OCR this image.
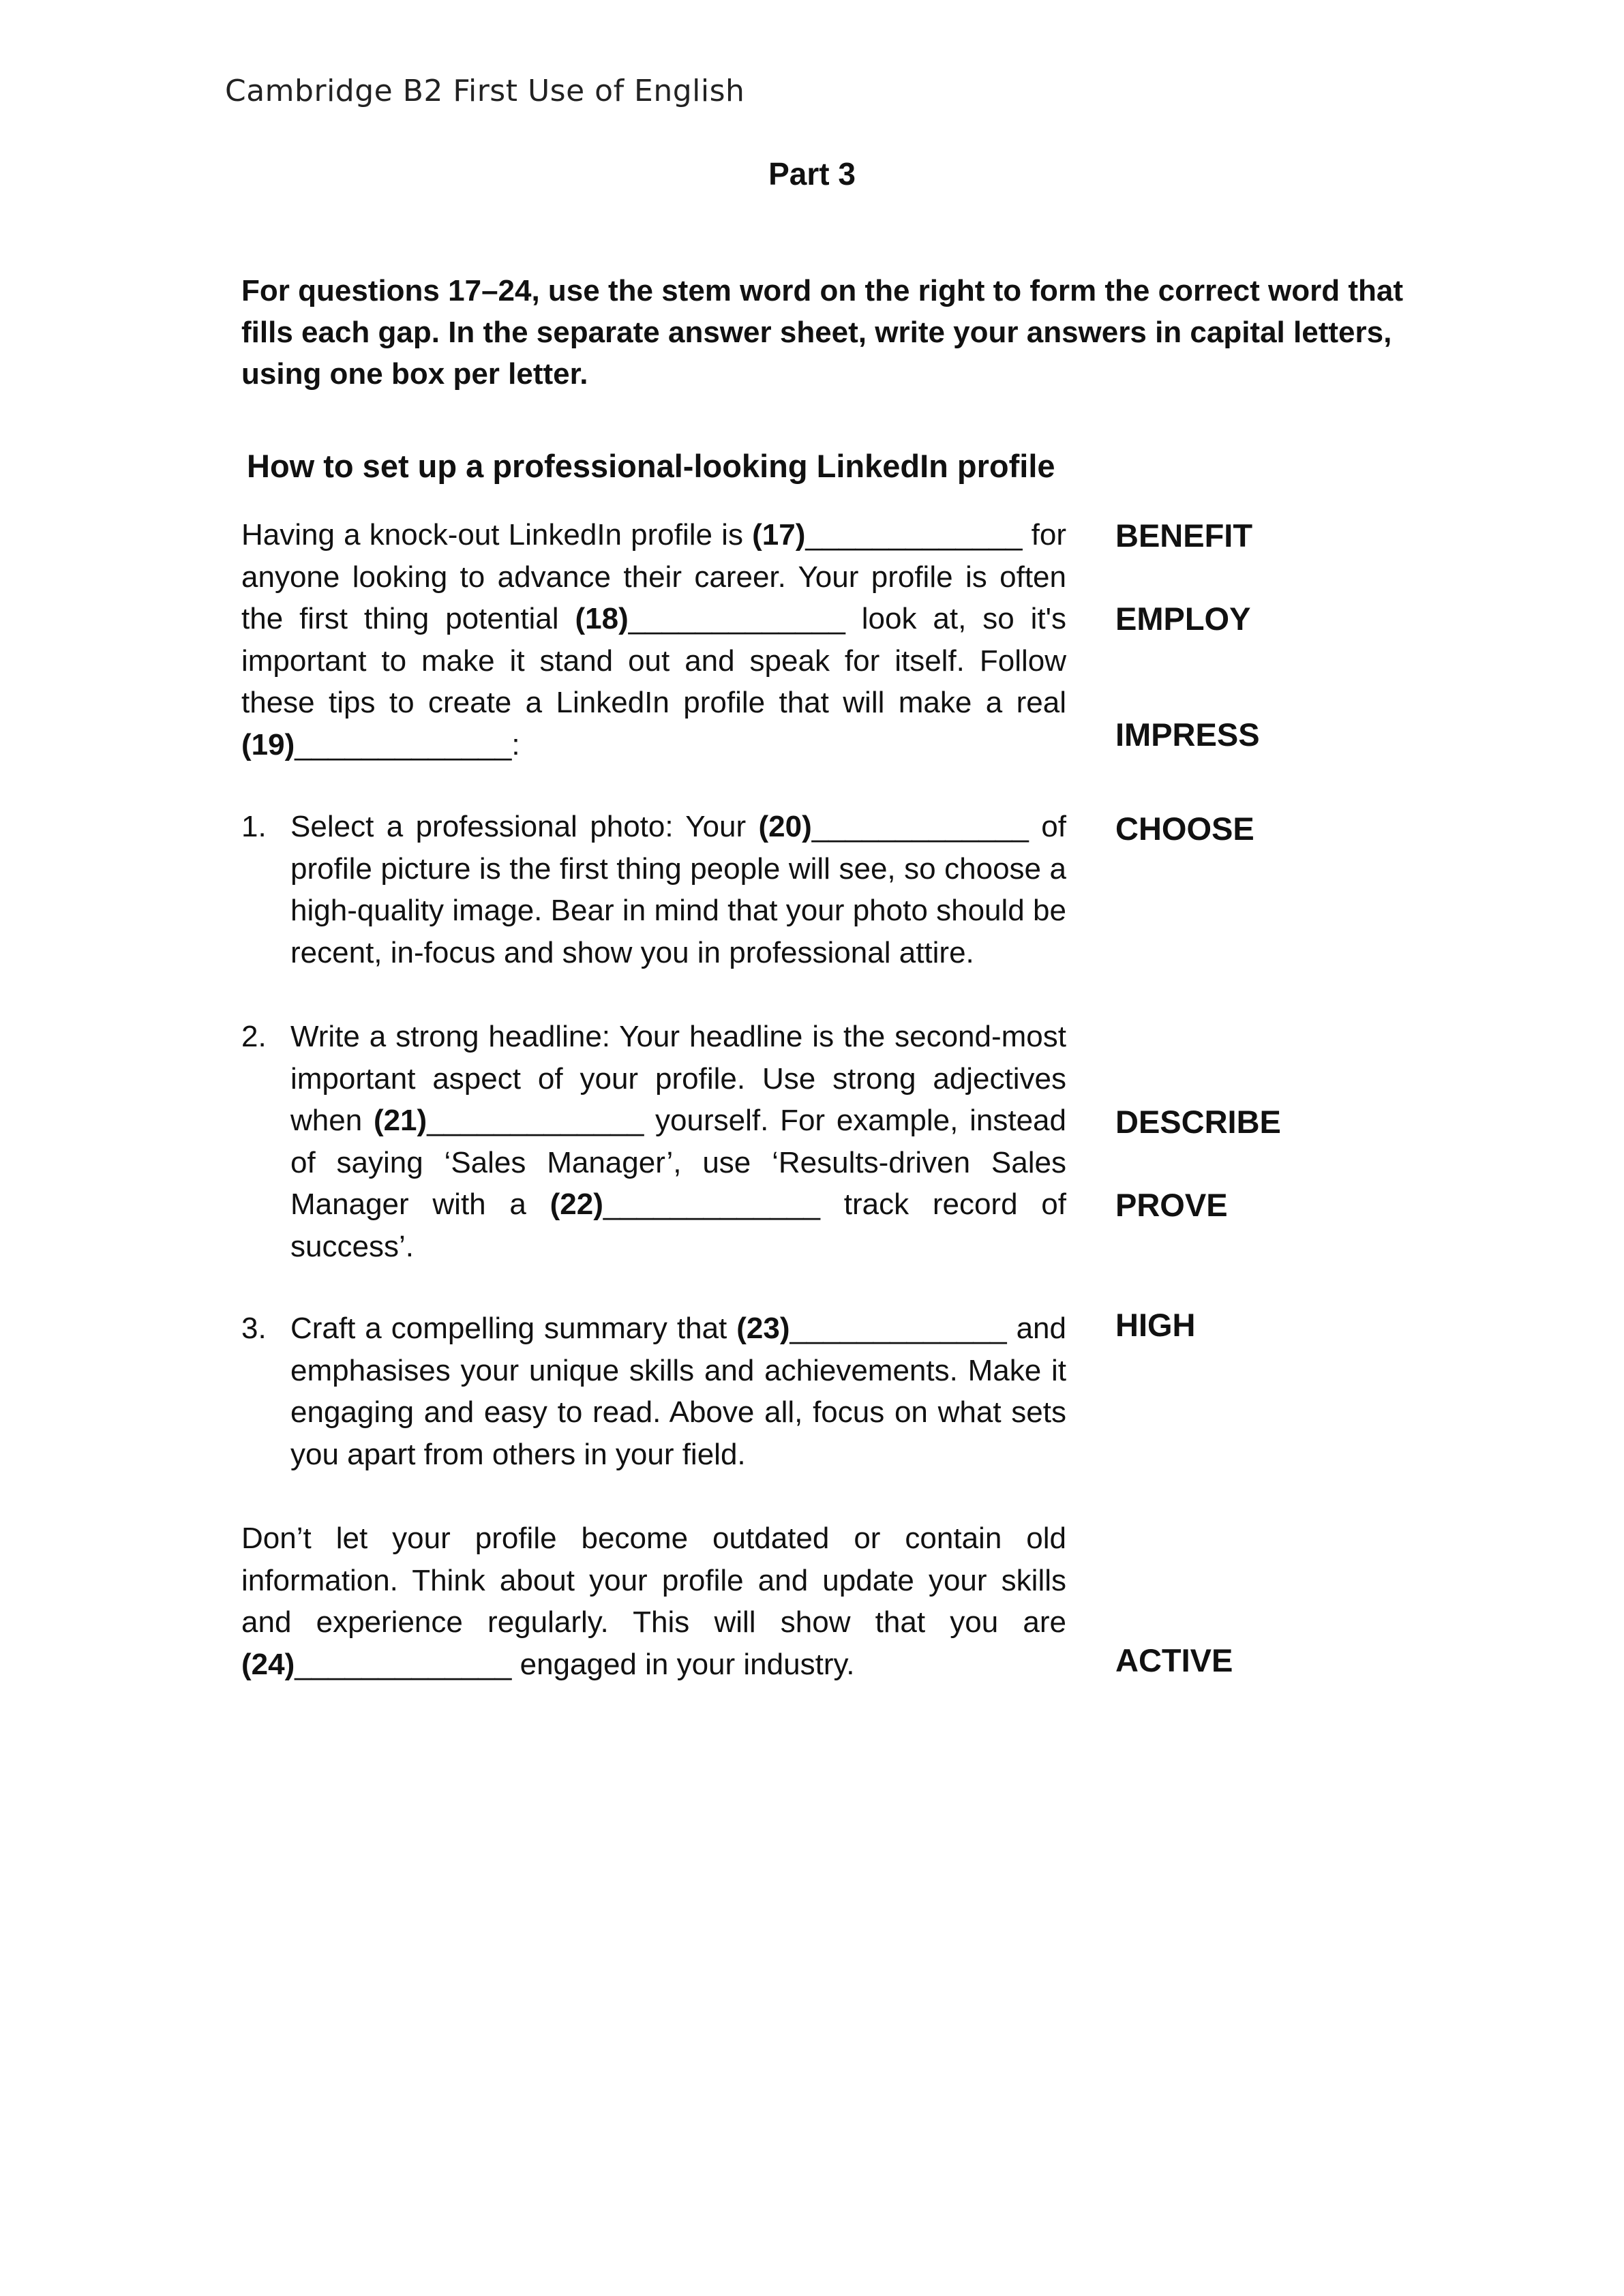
Cambridge B2 First Use of English
Part 3

For questions 17–24, use the stem word on the right to form the correct word that fills each gap. In the separate answer sheet, write your answers in capital letters, using one box per letter.

How to set up a professional-looking LinkedIn profile

Having a knock-out LinkedIn profile is (17)_____________ for anyone looking to advance their career. Your profile is often the first thing potential (18)_____________ look at, so it's important to make it stand out and speak for itself. Follow these tips to create a LinkedIn profile that will make a real (19)_____________:

1. Select a professional photo: Your (20)_____________ of profile picture is the first thing people will see, so choose a high-quality image. Bear in mind that your photo should be recent, in-focus and show you in professional attire.
2. Write a strong headline: Your headline is the second-most important aspect of your profile. Use strong adjectives when (21)_____________ yourself. For example, instead of saying ‘Sales Manager’, use ‘Results-driven Sales Manager with a (22)_____________ track record of success’.
3. Craft a compelling summary that (23)_____________ and emphasises your unique skills and achievements. Make it engaging and easy to read. Above all, focus on what sets you apart from others in your field.

Don’t let your profile become outdated or contain old information. Think about your profile and update your skills and experience regularly. This will show that you are (24)_____________ engaged in your industry.

BENEFIT
EMPLOY
IMPRESS
CHOOSE
DESCRIBE
PROVE
HIGH
ACTIVE
